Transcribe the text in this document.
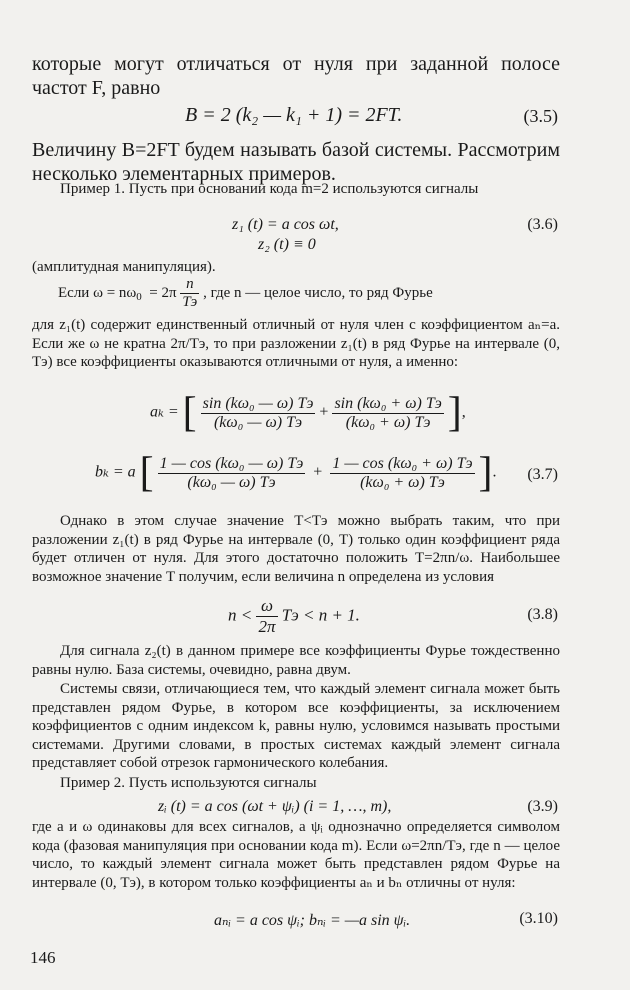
которые могут отличаться от нуля при заданной полосе частот F, равно

B = 2 (k₂ — k₁ + 1) = 2FT.	(3.5)

Величину B=2FT будем называть базой системы. Рассмотрим несколько элементарных примеров.

Пример 1. Пусть при основании кода m=2 используются сигналы

z₁ (t) = a cos ωt,	(3.6)
z₂ (t) ≡ 0

(амплитудная манипуляция).

Если $\omega = n\omega_0 = 2\pi \frac{n}{Tэ}$ , где n — целое число, то ряд Фурье

для z₁(t) содержит единственный отличный от нуля член с коэффициентом aₙ=a. Если же ω не кратна 2π/Tэ, то при разложении z₁(t) в ряд Фурье на интервале (0, Tэ) все коэффициенты оказываются отличными от нуля, а именно:

aₖ = [ $\frac{\text{sin (kω₀ — ω) Tэ}}{\text{(kω₀ — ω) Tэ}} + \frac{\text{sin (kω₀ + ω) Tэ}}{\text{(kω₀ + ω) Tэ}}$ ],
bₖ = a [ $\frac{\text{1 — cos (kω₀ — ω) Tэ}}{\text{(kω₀ — ω) Tэ}} + \frac{\text{1 — cos (kω₀ + ω) Tэ}}{\text{(kω₀ + ω) Tэ}}$ ]. (3.7)

Однако в этом случае значение T<Tэ можно выбрать таким, что при разложении z₁(t) в ряд Фурье на интервале (0, T) только один коэффициент ряда будет отличен от нуля. Для этого достаточно положить T=2πn/ω. Наибольшее возможное значение T получим, если величина n определена из условия

$n < \frac{\omega}{2\pi}$ Tэ < n + 1.	(3.8)

Для сигнала z₂(t) в данном примере все коэффициенты Фурье тождественно равны нулю. База системы, очевидно, равна двум.

Системы связи, отличающиеся тем, что каждый элемент сигнала может быть представлен рядом Фурье, в котором все коэффициенты, за исключением коэффициентов с одним индексом k, равны нулю, условимся называть простыми системами. Другими словами, в простых системах каждый элемент сигнала представляет собой отрезок гармонического колебания.

Пример 2. Пусть используются сигналы

zᵢ (t) = a cos (ωt + ψᵢ) (i = 1, …, m),	(3.9)

где a и ω одинаковы для всех сигналов, а ψᵢ однозначно определяется символом кода (фазовая манипуляция при основании кода m). Если ω=2πn/Tэ, где n — целое число, то каждый элемент сигнала может быть представлен рядом Фурье на интервале (0, Tэ), в котором только коэффициенты aₙ и bₙ отличны от нуля:

aₙᵢ = a cos ψᵢ; bₙᵢ = —a sin ψᵢ.	(3.10)
146
